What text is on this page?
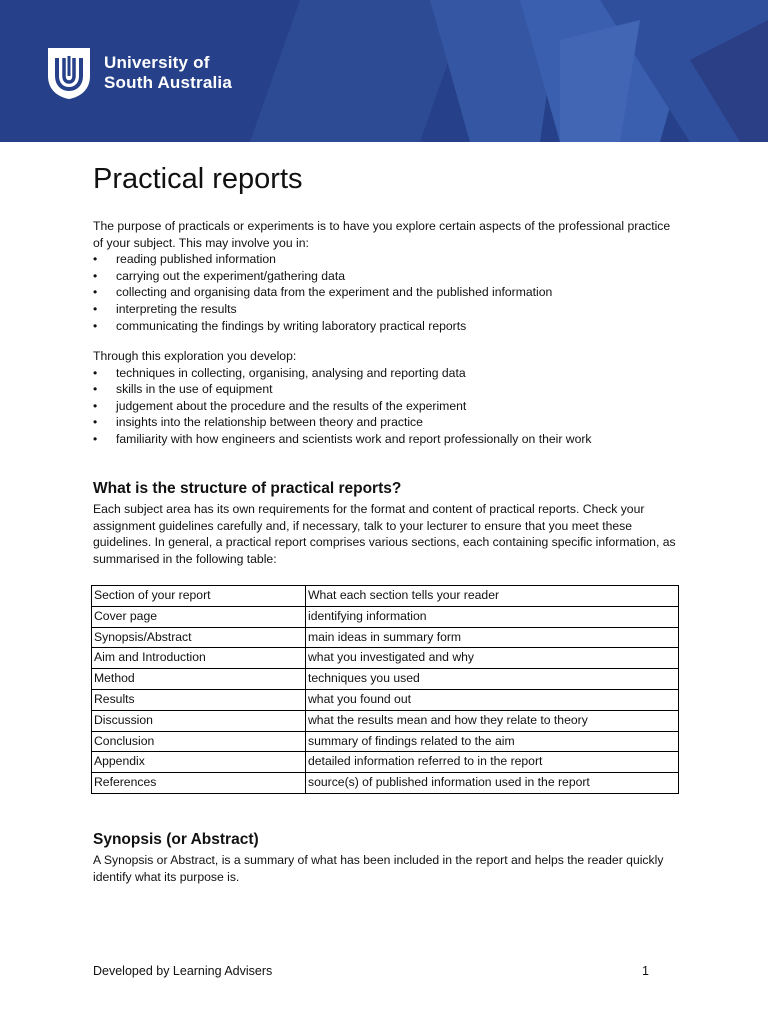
University of
South Australia
Practical reports

The purpose of practicals or experiments is to have you explore certain aspects of the professional practice of your subject. This may involve you in:

• reading published information
• carrying out the experiment/gathering data
• collecting and organising data from the experiment and the published information
• interpreting the results
• communicating the findings by writing laboratory practical reports

Through this exploration you develop:

• techniques in collecting, organising, analysing and reporting data
• skills in the use of equipment
• judgement about the procedure and the results of the experiment
• insights into the relationship between theory and practice
• familiarity with how engineers and scientists work and report professionally on their work
What is the structure of practical reports?

Each subject area has its own requirements for the format and content of practical reports. Check your assignment guidelines carefully and, if necessary, talk to your lecturer to ensure that you meet these guidelines. In general, a practical report comprises various sections, each containing specific information, as summarised in the following table:

Section of your report	What each section tells your reader
Cover page	identifying information
Synopsis/Abstract	main ideas in summary form
Aim and Introduction	what you investigated and why
Method	techniques you used
Results	what you found out
Discussion	what the results mean and how they relate to theory
Conclusion	summary of findings related to the aim
Appendix	detailed information referred to in the report
References	source(s) of published information used in the report
Synopsis (or Abstract)

A Synopsis or Abstract, is a summary of what has been included in the report and helps the reader quickly identify what its purpose is.

Developed by Learning Advisers	1
